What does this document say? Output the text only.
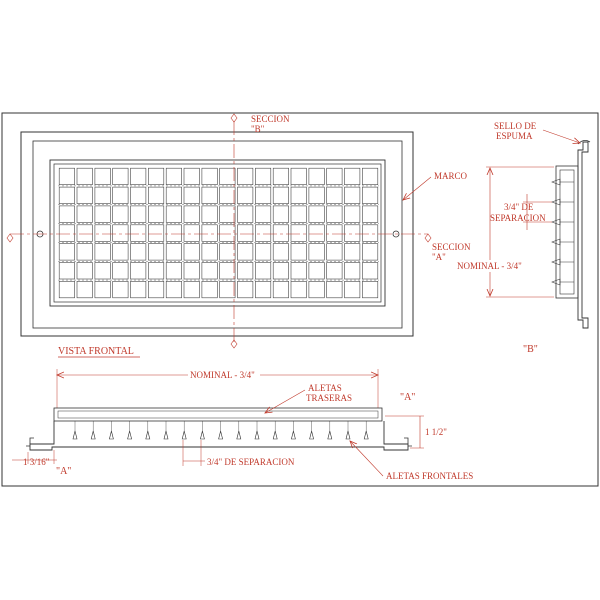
SECCION
"B"
SECCION
"A"
MARCO
VISTA FRONTAL
SELLO DE
ESPUMA
3/4" DE
SEPARACION
NOMINAL - 3/4"
"B"
NOMINAL - 3/4"
ALETAS
TRASERAS	"A"
1 1/2"
1 3/16"
"A"
3/4" DE SEPARACION
ALETAS FRONTALES
